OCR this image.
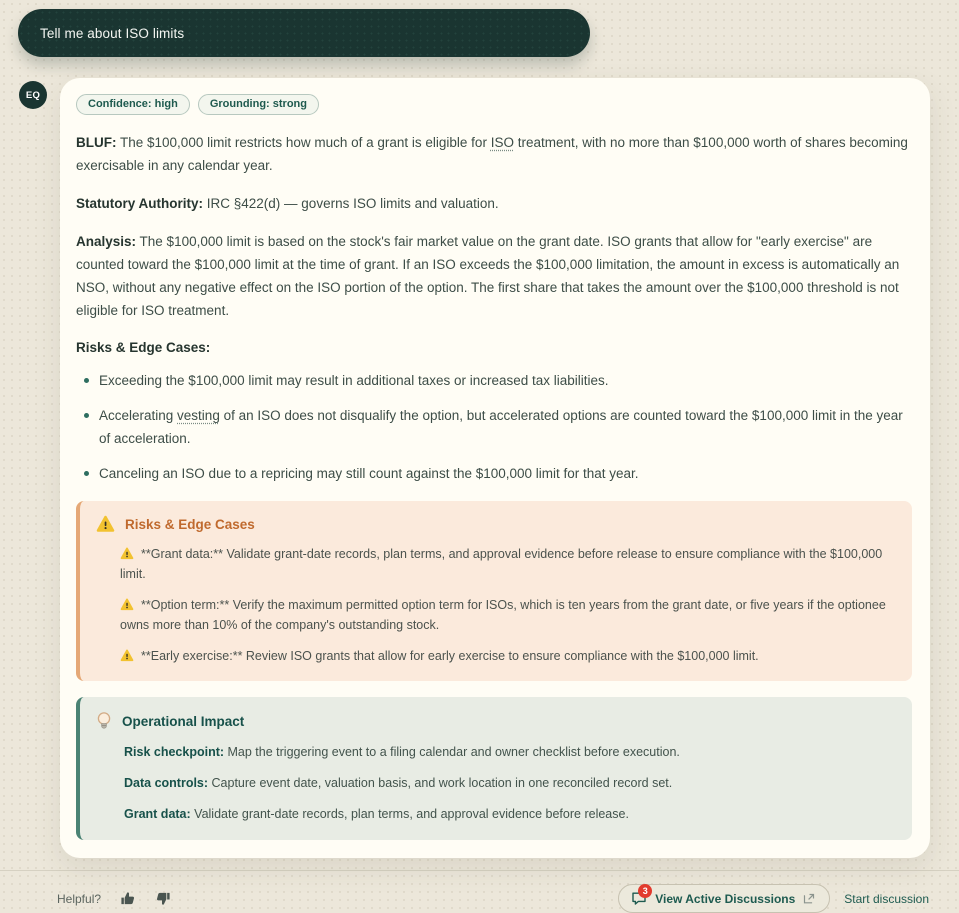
Tell me about ISO limits
EQ
Confidence: high	Grounding: strong

BLUF: The $100,000 limit restricts how much of a grant is eligible for ISO treatment, with no more than $100,000 worth of shares becoming exercisable in any calendar year.

Statutory Authority: IRC §422(d) — governs ISO limits and valuation.

Analysis: The $100,000 limit is based on the stock's fair market value on the grant date. ISO grants that allow for "early exercise" are counted toward the $100,000 limit at the time of grant. If an ISO exceeds the $100,000 limitation, the amount in excess is automatically an NSO, without any negative effect on the ISO portion of the option. The first share that takes the amount over the $100,000 threshold is not eligible for ISO treatment.

Risks & Edge Cases:
Exceeding the $100,000 limit may result in additional taxes or increased tax liabilities.
Accelerating vesting of an ISO does not disqualify the option, but accelerated options are counted toward the $100,000 limit in the year of acceleration.
Canceling an ISO due to a repricing may still count against the $100,000 limit for that year.
Risks & Edge Cases
**Grant data:** Validate grant-date records, plan terms, and approval evidence before release to ensure compliance with the $100,000 limit.
**Option term:** Verify the maximum permitted option term for ISOs, which is ten years from the grant date, or five years if the optionee owns more than 10% of the company's outstanding stock.
**Early exercise:** Review ISO grants that allow for early exercise to ensure compliance with the $100,000 limit.
Operational Impact
Risk checkpoint: Map the triggering event to a filing calendar and owner checklist before execution.
Data controls: Capture event date, valuation basis, and work location in one reconciled record set.
Grant data: Validate grant-date records, plan terms, and approval evidence before release.
Helpful?
3
View Active Discussions	Start discussion
